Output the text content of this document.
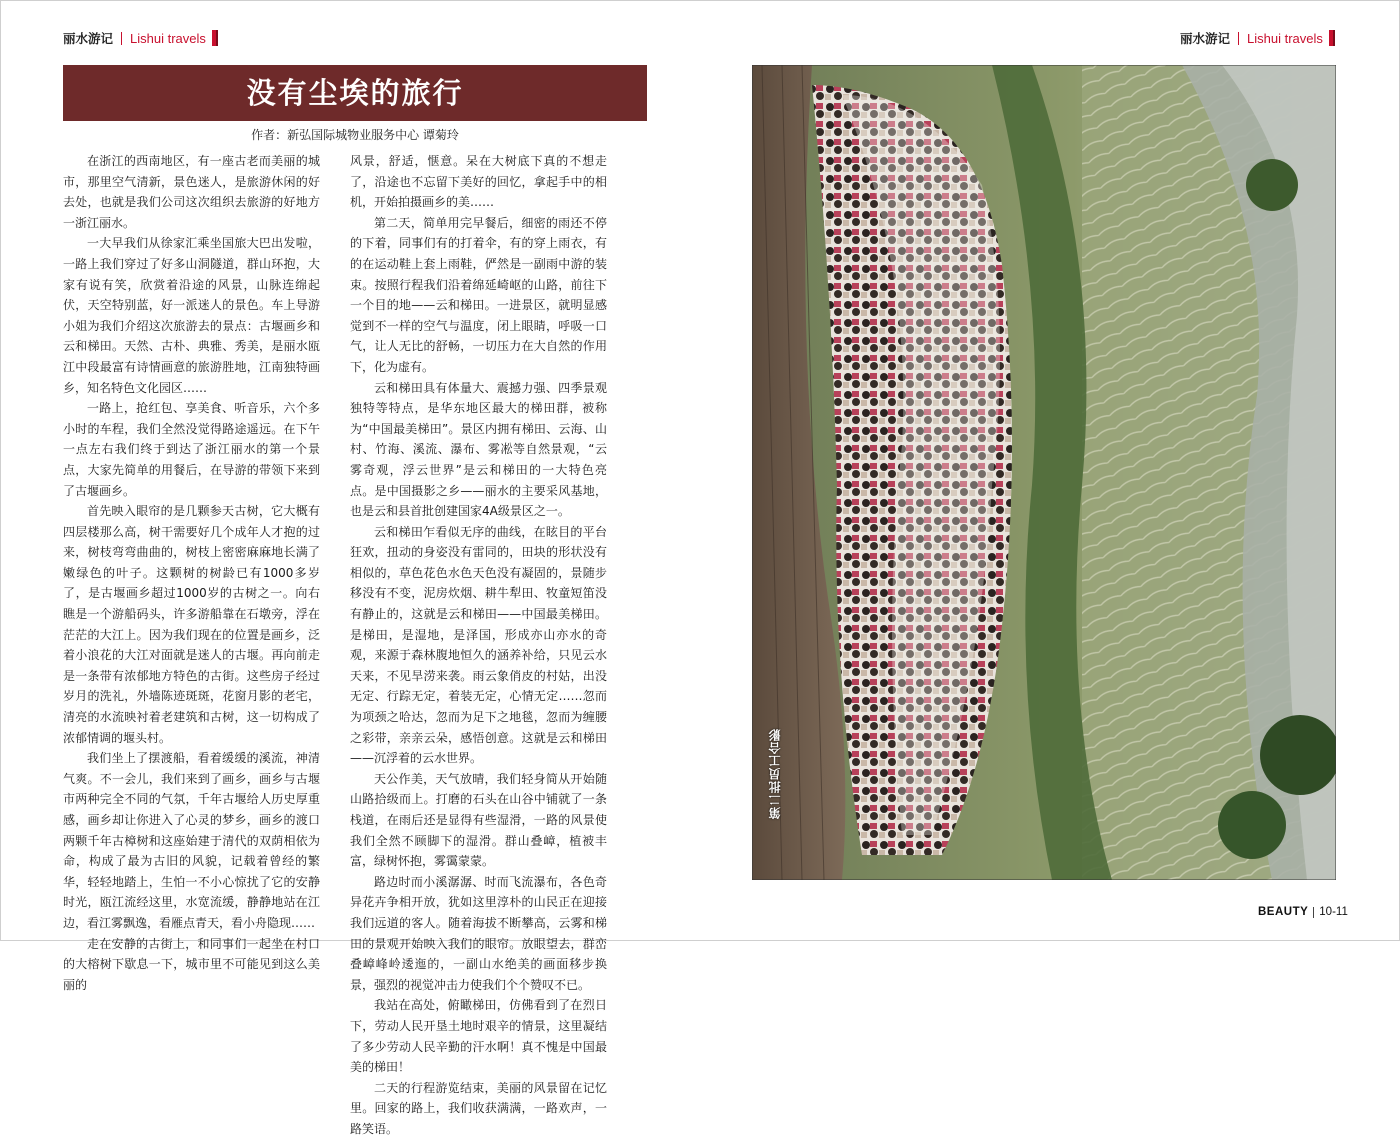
丽水游记 Lishui travels	丽水游记 Lishui travels
没有尘埃的旅行
作者：新弘国际城物业服务中心 谭菊玲

在浙江的西南地区，有一座古老而美丽的城市，那里空气清新，景色迷人，是旅游休闲的好去处，也就是我们公司这次组织去旅游的好地方一浙江丽水。

一大早我们从徐家汇乘坐国旅大巴出发啦，一路上我们穿过了好多山洞隧道，群山环抱，大家有说有笑，欣赏着沿途的风景，山脉连绵起伏，天空特别蓝，好一派迷人的景色。车上导游小姐为我们介绍这次旅游去的景点：古堰画乡和云和梯田。天然、古朴、典雅、秀美，是丽水瓯江中段最富有诗情画意的旅游胜地，江南独特画乡，知名特色文化园区……

一路上，抢红包、享美食、听音乐，六个多小时的车程，我们全然没觉得路途遥远。在下午一点左右我们终于到达了浙江丽水的第一个景点，大家先简单的用餐后，在导游的带领下来到了古堰画乡。

首先映入眼帘的是几颗参天古树，它大概有四层楼那么高，树干需要好几个成年人才抱的过来，树枝弯弯曲曲的，树枝上密密麻麻地长满了嫩绿色的叶子。这颗树的树龄已有1000多岁了，是古堰画乡超过1000岁的古树之一。向右瞧是一个游船码头，许多游船靠在石墩旁，浮在茫茫的大江上。因为我们现在的位置是画乡，泛着小浪花的大江对面就是迷人的古堰。再向前走是一条带有浓郁地方特色的古街。这些房子经过岁月的洗礼，外墙陈迹斑斑，花窗月影的老宅，清亮的水流映衬着老建筑和古树，这一切构成了浓郁情调的堰头村。

我们坐上了摆渡船，看着缓缓的溪流，神清气爽。不一会儿，我们来到了画乡，画乡与古堰市两种完全不同的气氛，千年古堰给人历史厚重感，画乡却让你进入了心灵的梦乡，画乡的渡口两颗千年古樟树和这座始建于清代的双荫相依为命，构成了最为古旧的风貌，记载着曾经的繁华，轻轻地踏上，生怕一不小心惊扰了它的安静时光，瓯江流经这里，水宽流缓，静静地站在江边，看江雾飘逸，看雁点青天，看小舟隐现……

走在安静的古街上，和同事们一起坐在村口的大榕树下歇息一下，城市里不可能见到这么美丽的

风景，舒适，惬意。呆在大树底下真的不想走了，沿途也不忘留下美好的回忆，拿起手中的相机，开始拍摄画乡的美……

第二天，简单用完早餐后，细密的雨还不停的下着，同事们有的打着伞，有的穿上雨衣，有的在运动鞋上套上雨鞋，俨然是一副雨中游的装束。按照行程我们沿着绵延崎岖的山路，前往下一个目的地——云和梯田。一进景区，就明显感觉到不一样的空气与温度，闭上眼睛，呼吸一口气，让人无比的舒畅，一切压力在大自然的作用下，化为虚有。

云和梯田具有体量大、震撼力强、四季景观独特等特点，是华东地区最大的梯田群，被称为“中国最美梯田”。景区内拥有梯田、云海、山村、竹海、溪流、瀑布、雾凇等自然景观，“云雾奇观，浮云世界”是云和梯田的一大特色亮点。是中国摄影之乡——丽水的主要采风基地，也是云和县首批创建国家4A级景区之一。

云和梯田乍看似无序的曲线，在眩目的平台狂欢，扭动的身姿没有雷同的，田块的形状没有相似的，草色花色水色天色没有凝固的，景随步移没有不变，泥房炊烟、耕牛犁田、牧童短笛没有静止的，这就是云和梯田——中国最美梯田。是梯田，是湿地，是泽国，形成亦山亦水的奇观，来源于森林腹地恒久的涵养补给，只见云水天来，不见旱涝来袭。雨云象俏皮的村姑，出没无定、行踪无定，着装无定，心情无定……忽而为项颈之哈达，忽而为足下之地毯，忽而为缠腰之彩带，亲亲云朵，感悟创意。这就是云和梯田——沉浮着的云水世界。

天公作美，天气放晴，我们轻身简从开始随山路拾级而上。打磨的石头在山谷中铺就了一条栈道，在雨后还是显得有些湿滑，一路的风景使我们全然不顾脚下的湿滑。群山叠嶂，植被丰富，绿树怀抱，雾霭蒙蒙。

路边时而小溪潺潺、时而飞流瀑布，各色奇异花卉争相开放，犹如这里淳朴的山民正在迎接我们远道的客人。随着海拔不断攀高，云雾和梯田的景观开始映入我们的眼帘。放眼望去，群峦叠嶂峰岭逶迤的，一副山水绝美的画面移步换景，强烈的视觉冲击力使我们个个赞叹不已。

我站在高处，俯瞰梯田，仿佛看到了在烈日下，劳动人民开垦土地时艰辛的情景，这里凝结了多少劳动人民辛勤的汗水啊！真不愧是中国最美的梯田！

二天的行程游览结束，美丽的风景留在记忆里。回家的路上，我们收获满满，一路欢声，一路笑语。

第二批员工合影
BEAUTY 10-11
